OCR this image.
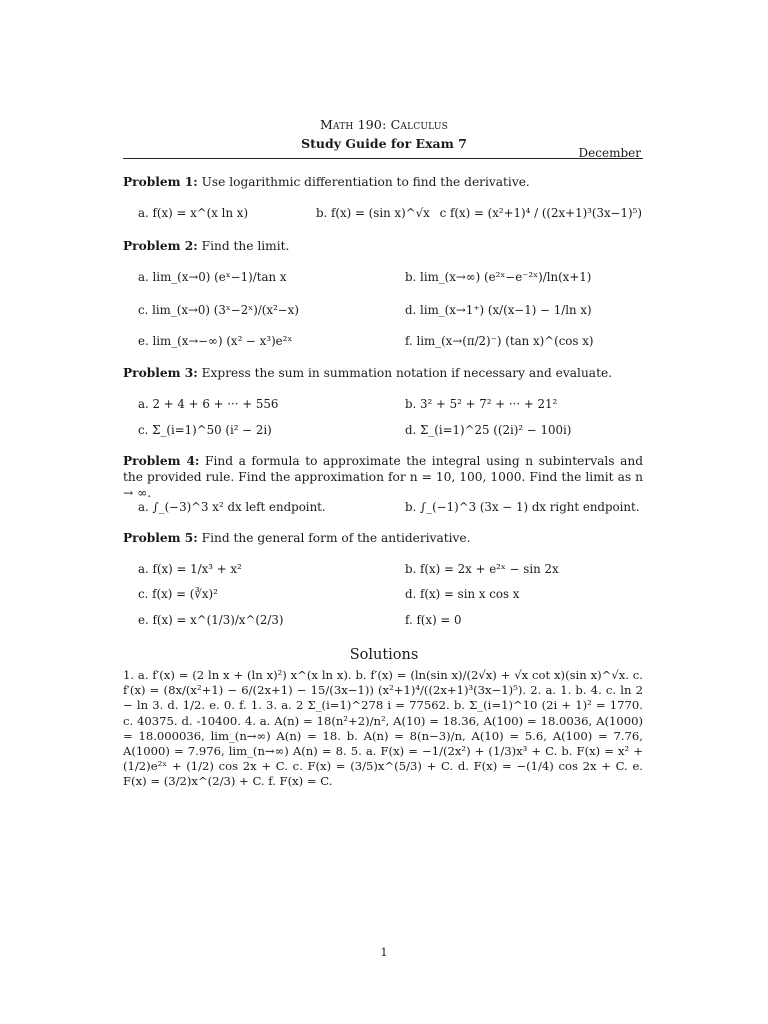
Math 190: Calculus
Study Guide for Exam 7
December
Problem 1: Use logarithmic differentiation to find the derivative.
a. f(x) = x^(x ln x)	b. f(x) = (sin x)^√x c f(x) = (x²+1)⁴ / ((2x+1)³(3x−1)⁵)
Problem 2: Find the limit.
a. lim_(x→0) (eˣ−1)/tan x	b. lim_(x→∞) (e²ˣ−e⁻²ˣ)/ln(x+1)
c. lim_(x→0) (3ˣ−2ˣ)/(x²−x)	d. lim_(x→1⁺) (x/(x−1) − 1/ln x)
e. lim_(x→−∞) (x² − x³)e²ˣ	f. lim_(x→(π/2)⁻) (tan x)^(cos x)
Problem 3: Express the sum in summation notation if necessary and evaluate.
a. 2 + 4 + 6 + ··· + 556	b. 3² + 5² + 7² + ··· + 21²
c. Σ_(i=1)^50 (i² − 2i)	d. Σ_(i=1)^25 ((2i)² − 100i)
Problem 4: Find a formula to approximate the integral using n subintervals and the provided rule. Find the approximation for n = 10, 100, 1000. Find the limit as n → ∞.
a. ∫_(−3)^3 x² dx left endpoint.	b. ∫_(−1)^3 (3x − 1) dx right endpoint.
Problem 5: Find the general form of the antiderivative.
a. f(x) = 1/x³ + x²	b. f(x) = 2x + e²ˣ − sin 2x
c. f(x) = (∛x)²	d. f(x) = sin x cos x
e. f(x) = x^(1/3)/x^(2/3)	f. f(x) = 0
Solutions
1. a. f′(x) = (2 ln x + (ln x)²) x^(x ln x). b. f′(x) = (ln(sin x)/(2√x) + √x cot x)(sin x)^√x. c. f′(x) = (8x/(x²+1) − 6/(2x+1) − 15/(3x−1)) (x²+1)⁴/((2x+1)³(3x−1)⁵). 2. a. 1. b. 4. c. ln 2 − ln 3. d. 1/2. e. 0. f. 1. 3. a. 2 Σ_(i=1)^278 i = 77562. b. Σ_(i=1)^10 (2i + 1)² = 1770. c. 40375. d. -10400. 4. a. A(n) = 18(n²+2)/n², A(10) = 18.36, A(100) = 18.0036, A(1000) = 18.000036, lim_(n→∞) A(n) = 18. b. A(n) = 8(n−3)/n, A(10) = 5.6, A(100) = 7.76, A(1000) = 7.976, lim_(n→∞) A(n) = 8. 5. a. F(x) = −1/(2x²) + (1/3)x³ + C. b. F(x) = x² + (1/2)e²ˣ + (1/2) cos 2x + C. c. F(x) = (3/5)x^(5/3) + C. d. F(x) = −(1/4) cos 2x + C. e. F(x) = (3/2)x^(2/3) + C. f. F(x) = C.
1
